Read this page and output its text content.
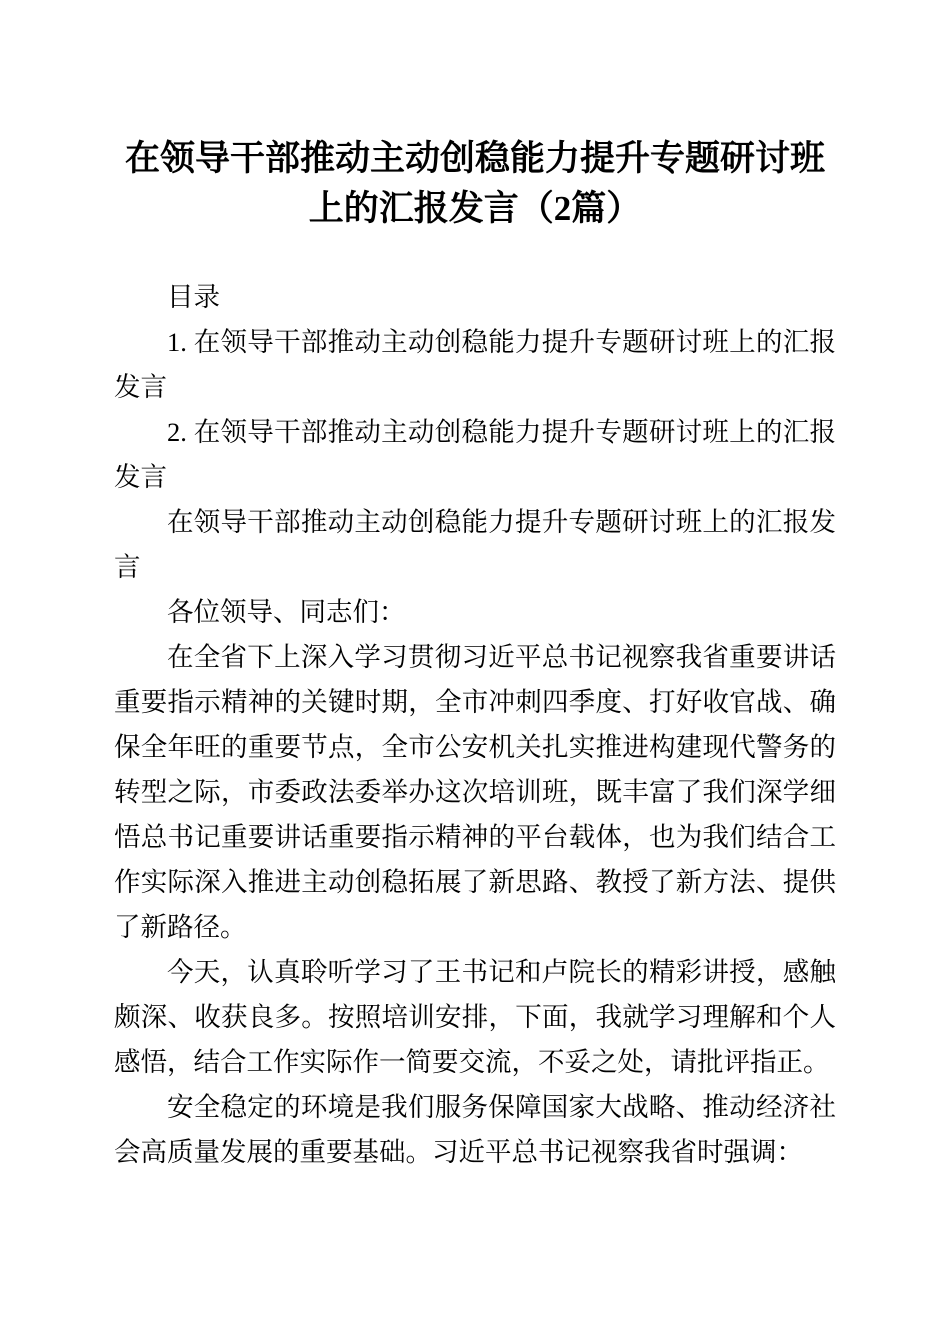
在领导干部推动主动创稳能力提升专题研讨班上的汇报发言（2篇）

目录

1. 在领导干部推动主动创稳能力提升专题研讨班上的汇报发言

2. 在领导干部推动主动创稳能力提升专题研讨班上的汇报发言

在领导干部推动主动创稳能力提升专题研讨班上的汇报发言

各位领导、同志们：

在全省下上深入学习贯彻习近平总书记视察我省重要讲话重要指示精神的关键时期，全市冲刺四季度、打好收官战、确保全年旺的重要节点，全市公安机关扎实推进构建现代警务的转型之际，市委政法委举办这次培训班，既丰富了我们深学细悟总书记重要讲话重要指示精神的平台载体，也为我们结合工作实际深入推进主动创稳拓展了新思路、教授了新方法、提供了新路径。

今天，认真聆听学习了王书记和卢院长的精彩讲授，感触颇深、收获良多。按照培训安排，下面，我就学习理解和个人感悟，结合工作实际作一简要交流，不妥之处，请批评指正。

安全稳定的环境是我们服务保障国家大战略、推动经济社会高质量发展的重要基础。习近平总书记视察我省时强调：
